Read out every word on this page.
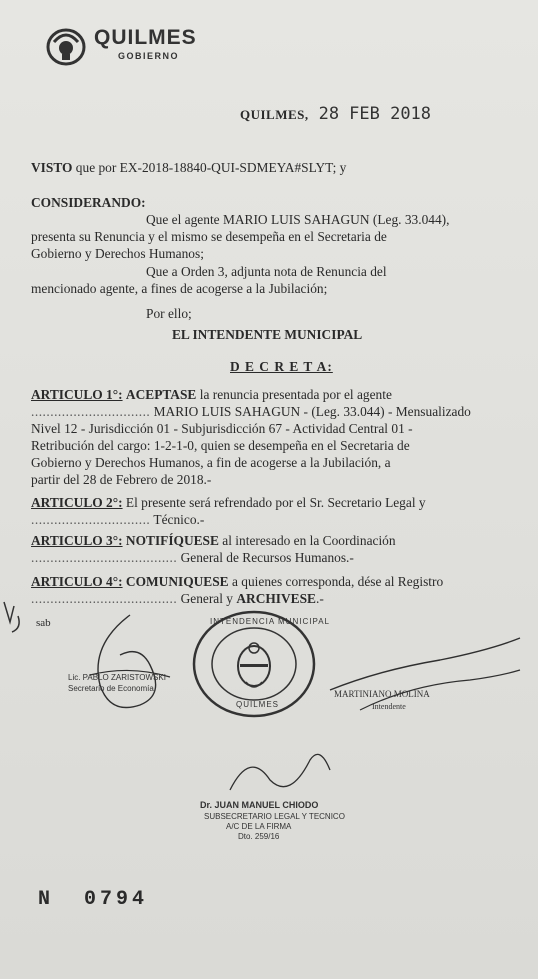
QUILMES
GOBIERNO
QUILMES, 28 FEB 2018
VISTO que por EX-2018-18840-QUI-SDMEYA#SLYT; y
CONSIDERANDO:
Que el agente MARIO LUIS SAHAGUN (Leg. 33.044),
presenta su Renuncia y el mismo se desempeña en el Secretaria de
Gobierno y Derechos Humanos;
Que a Orden 3, adjunta nota de Renuncia del
mencionado agente, a fines de acogerse a la Jubilación;
Por ello;
EL INTENDENTE MUNICIPAL
D E C R E T A:
ARTICULO 1°: ACEPTASE la renuncia presentada por el agente
............................... MARIO LUIS SAHAGUN - (Leg. 33.044) - Mensualizado
Nivel 12 - Jurisdicción 01 - Subjurisdicción 67 - Actividad Central 01 -
Retribución del cargo: 1-2-1-0, quien se desempeña en el Secretaria de
Gobierno y Derechos Humanos, a fin de acogerse a la Jubilación, a
partir del 28 de Febrero de 2018.-
ARTICULO 2°: El presente será refrendado por el Sr. Secretario Legal y
............................... Técnico.-
ARTICULO 3°: NOTIFÍQUESE al interesado en la Coordinación
...................................... General de Recursos Humanos.-
ARTICULO 4°: COMUNIQUESE a quienes corresponda, dése al Registro
...................................... General y ARCHIVESE.-
sab
Lic. PABLO ZARISTOWSKI
Secretario de Economía
INTENDENCIA MUNICIPAL
QUILMES
MARTINIANO MOLINA
Intendente
Dr. JUAN MANUEL CHIODO
SUBSECRETARIO LEGAL Y TECNICO
A/C DE LA FIRMA
Dto. 259/16
N 0794
